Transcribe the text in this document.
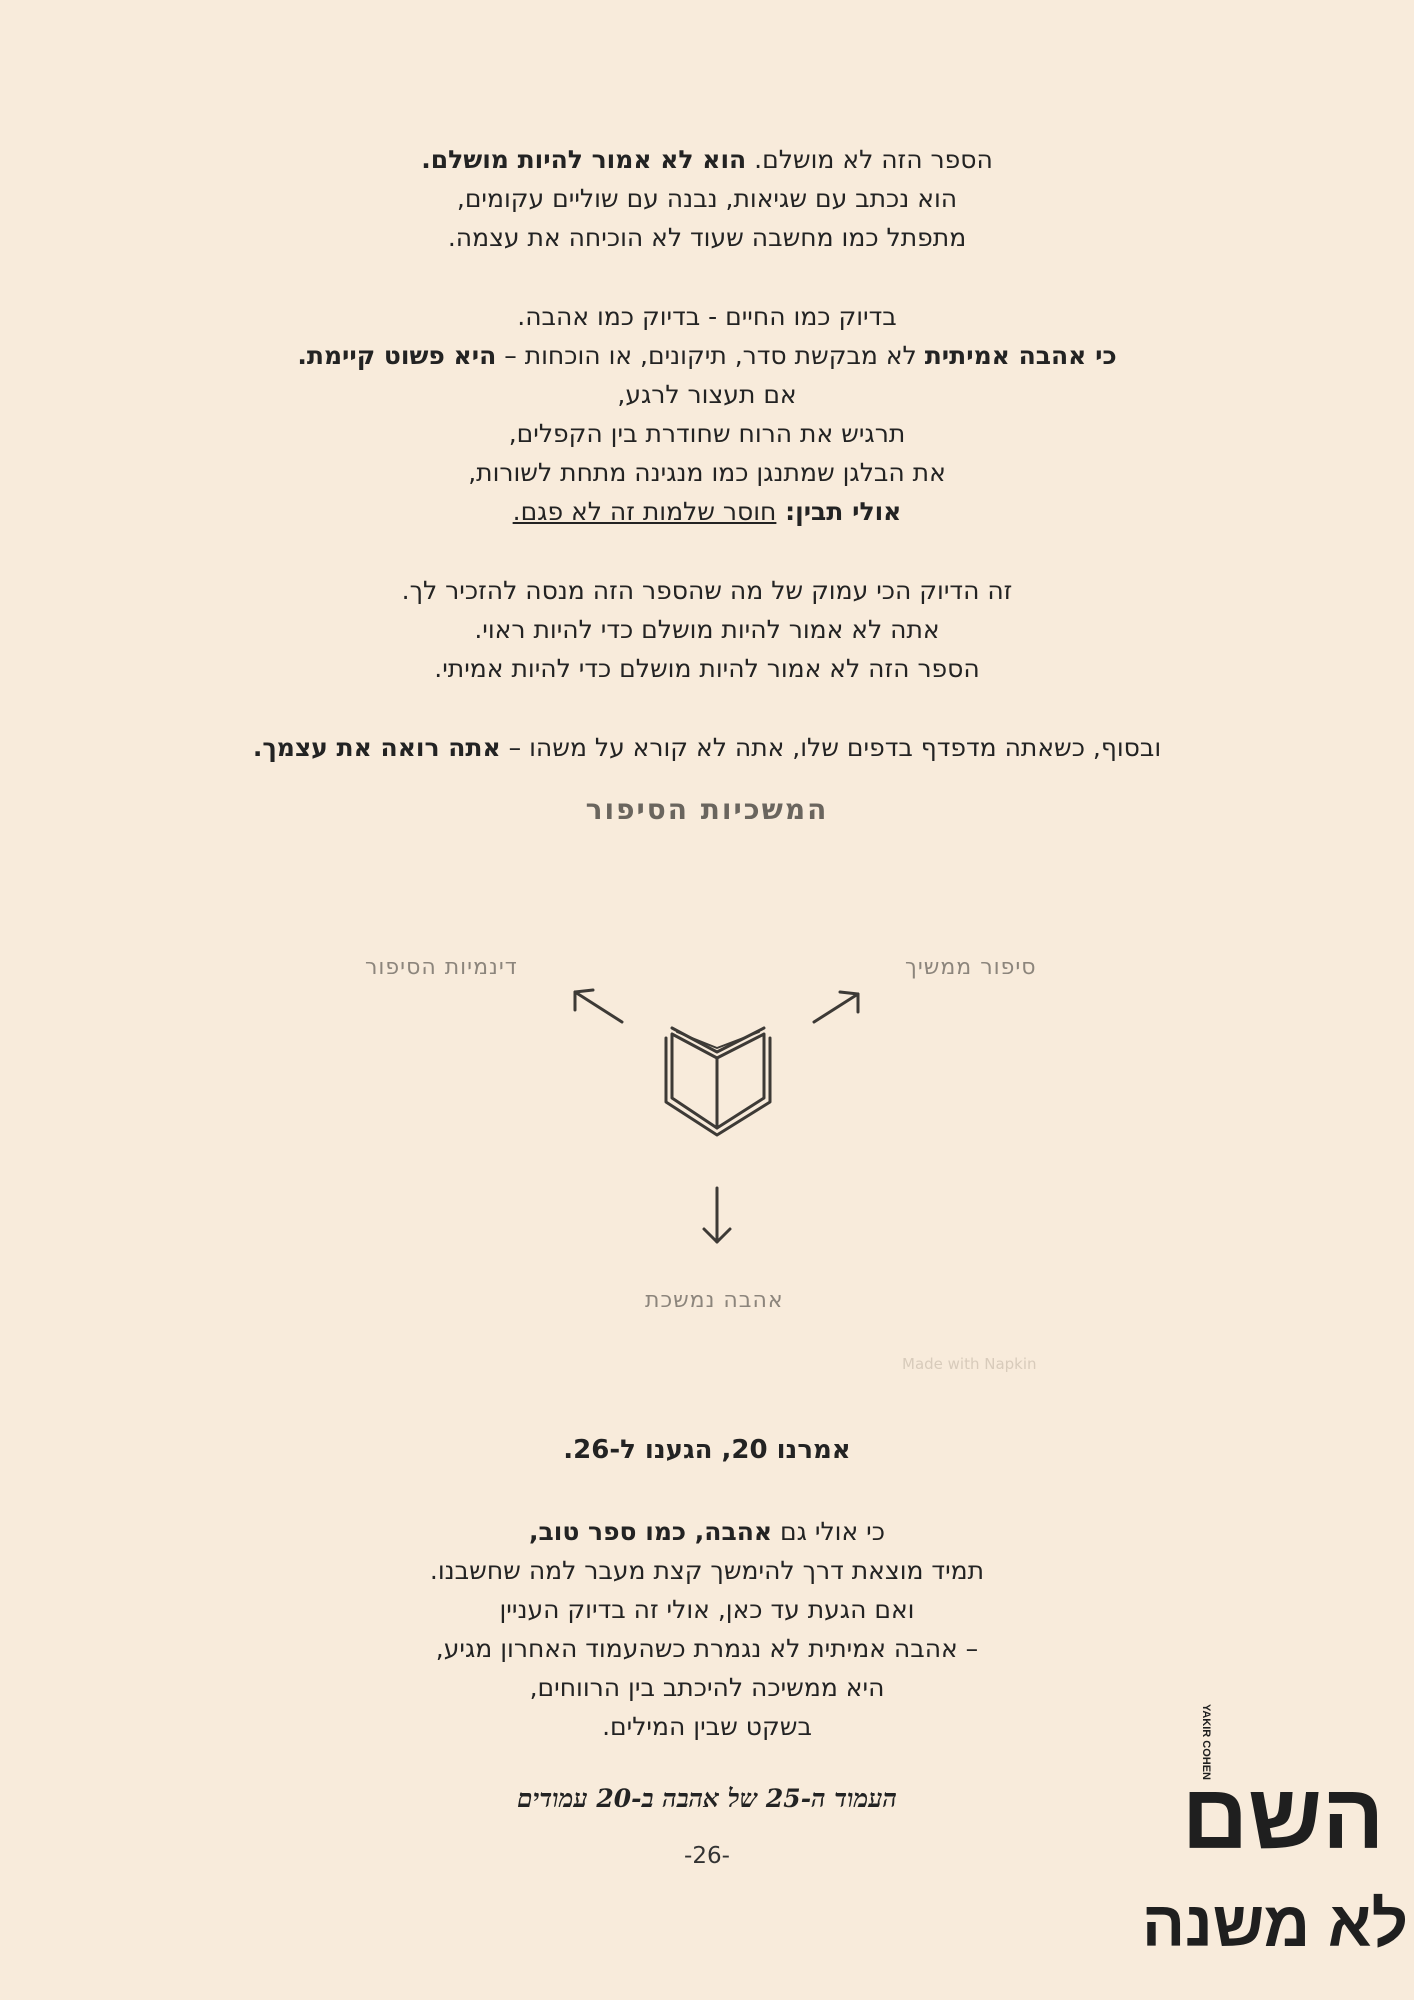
הספר הזה לא מושלם. הוא לא אמור להיות מושלם.
הוא נכתב עם שגיאות, נבנה עם שוליים עקומים,
מתפתל כמו מחשבה שעוד לא הוכיחה את עצמה.
בדיוק כמו החיים - בדיוק כמו אהבה.
כי אהבה אמיתית לא מבקשת סדר, תיקונים, או הוכחות – היא פשוט קיימת.
אם תעצור לרגע,
תרגיש את הרוח שחודרת בין הקפלים,
את הבלגן שמתנגן כמו מנגינה מתחת לשורות,
אולי תבין: חוסר שלמות זה לא פגם.
זה הדיוק הכי עמוק של מה שהספר הזה מנסה להזכיר לך.
אתה לא אמור להיות מושלם כדי להיות ראוי.
הספר הזה לא אמור להיות מושלם כדי להיות אמיתי.
ובסוף, כשאתה מדפדף בדפים שלו, אתה לא קורא על משהו – אתה רואה את עצמך.
המשכיות הסיפור
סיפור ממשיך
דינמיות הסיפור
אהבה נמשכת
Made with Napkin
אמרנו 20, הגענו ל-26.
כי אולי גם אהבה, כמו ספר טוב,
תמיד מוצאת דרך להימשך קצת מעבר למה שחשבנו.
ואם הגעת עד כאן, אולי זה בדיוק העניין
– אהבה אמיתית לא נגמרת כשהעמוד האחרון מגיע,
היא ממשיכה להיכתב בין הרווחים,
בשקט שבין המילים.
העמוד ה-25 של אהבה ב-20 עמודים
-26-	השם
לא משנה
YAKIR COHEN
